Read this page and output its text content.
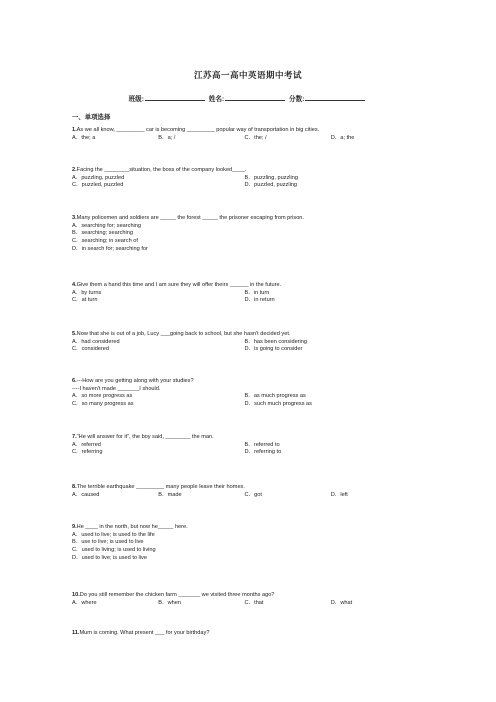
江苏高一高中英语期中考试
班级:	姓名:	分数:
一、单项选择
1.As we all know, _________ car is becoming _________ popular way of transportation in big cities.
A．the; a	B．a; /	C．the; /	D．a; the
2.Facing the ________situation, the boss of the company looked____.
A．puzzling, puzzled	B．puzzling, puzzling
C．puzzled, puzzled	D．puzzled, puzzling
3.Many policemen and soldiers are _____ the forest _____ the prisoner escaping from prison.
A．searching for; searching
B．searching; searching
C．searching; in search of
D．in search for; searching for
4.Give them a hand this time and I am sure they will offer theirs ______ in the future.
A．by turns	B．in turn
C．at turn	D．in return
5.Now that she is out of a job, Lucy ___going back to school, but she hasn't decided yet.
A．had considered	B．has been considering
C．considered	D．is going to consider
6.---How are you getting along with your studies?
----I haven't made _______I should.
A．so more progress as	B．as much progress as
C．so many progress as	D．such much progress as
7."He will answer for it", the boy said, ________ the man.
A．referred	B．referred to
C．referring	D．referring to
8.The terrible earthquake _________ many people leave their homes.
A．caused	B．made	C．got	D．left
9.He ____ in the north, but now he_____ here.
A．used to live; is used to the life
B．use to live; is used to live
C．used to living; is used to living
D．used to live; is used to live
10.Do you still remember the chicken farm _______ we visited three months ago?
A．where	B．when	C．that	D．what
11.Mum is coming. What present ___ for your birthday?
